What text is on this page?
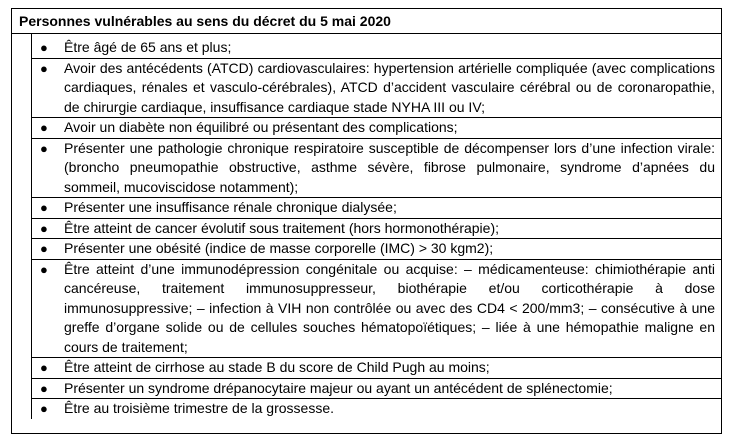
Personnes vulnérables au sens du décret du 5 mai 2020
● Être âgé de 65 ans et plus;
● Avoir des antécédents (ATCD) cardiovasculaires: hypertension artérielle compliquée (avec complications cardiaques, rénales et vasculo-cérébrales), ATCD d’accident vasculaire cérébral ou de coronaropathie, de chirurgie cardiaque, insuffisance cardiaque stade NYHA III ou IV;
● Avoir un diabète non équilibré ou présentant des complications;
● Présenter une pathologie chronique respiratoire susceptible de décompenser lors d’une infection virale: (broncho pneumopathie obstructive, asthme sévère, fibrose pulmonaire, syndrome d’apnées du sommeil, mucoviscidose notamment);
● Présenter une insuffisance rénale chronique dialysée;
● Être atteint de cancer évolutif sous traitement (hors hormonothérapie);
● Présenter une obésité (indice de masse corporelle (IMC) > 30 kgm2);
● Être atteint d’une immunodépression congénitale ou acquise: – médicamenteuse: chimiothérapie anti cancéreuse, traitement immunosuppresseur, biothérapie et/ou corticothérapie à dose immunosuppressive; – infection à VIH non contrôlée ou avec des CD4 < 200/mm3; – consécutive à une greffe d’organe solide ou de cellules souches hématopoïétiques; – liée à une hémopathie maligne en cours de traitement;
● Être atteint de cirrhose au stade B du score de Child Pugh au moins;
● Présenter un syndrome drépanocytaire majeur ou ayant un antécédent de splénectomie;
● Être au troisième trimestre de la grossesse.
